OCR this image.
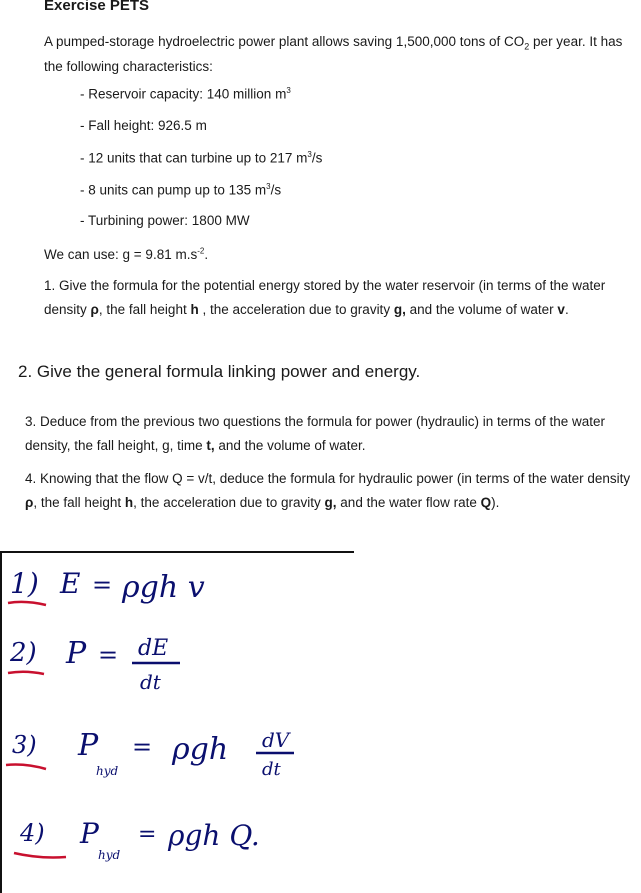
Exercise PETS
A pumped-storage hydroelectric power plant allows saving 1,500,000 tons of $CO_2$ per year. It has the following characteristics:
- Reservoir capacity: 140 million $m^3$
- Fall height: 926.5 m
- 12 units that can turbine up to 217 $m^3/s$
- 8 units can pump up to 135 $m^3/s$
- Turbining power: 1800 MW
We can use: g = 9.81 $m.s^{-2}$.
1. Give the formula for the potential energy stored by the water reservoir (in terms of the water density ρ, the fall height h , the acceleration due to gravity g, and the volume of water v.
2. Give the general formula linking power and energy.
3. Deduce from the previous two questions the formula for power (hydraulic) in terms of the water density, the fall height, g, time t, and the volume of water.
4. Knowing that the flow Q = v/t, deduce the formula for hydraulic power (in terms of the water density ρ, the fall height h, the acceleration due to gravity g, and the water flow rate Q).
1) E = ρgh v
2) P = dE
dt
3) P
hyd
= ρgh dV
dt
4) P
hyd
= ρgh Q.
